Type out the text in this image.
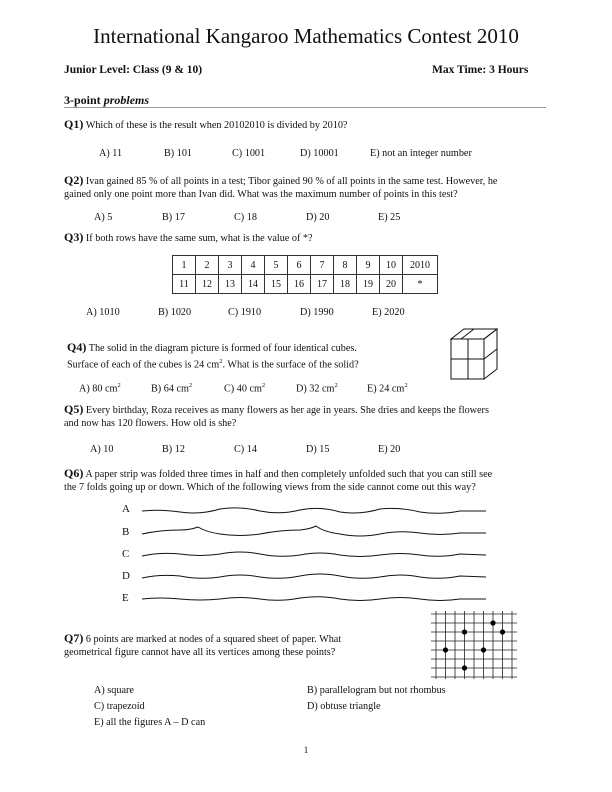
International Kangaroo Mathematics Contest 2010
Junior Level: Class (9 & 10)	Max Time: 3 Hours
3-point problems
Q1) Which of these is the result when 20102010 is divided by 2010?
A) 11	B) 101	C) 1001	D) 10001	E) not an integer number
Q2) Ivan gained 85 % of all points in a test; Tibor gained 90 % of all points in the same test. However, he
gained only one point more than Ivan did. What was the maximum number of points in this test?
A) 5	B) 17	C) 18	D) 20	E) 25
Q3) If both rows have the same sum, what is the value of *?
1	2	3	4	5	6	7	8	9	10	2010
11	12	13	14	15	16	17	18	19	20	*
A) 1010	B) 1020	C) 1910	D) 1990	E) 2020
Q4) The solid in the diagram picture is formed of four identical cubes.
Surface of each of the cubes is 24 $cm^2$. What is the surface of the solid?
A) 80 $cm^2$	B) 64 $cm^2$	C) 40 $cm^2$	D) 32 $cm^2$	E) 24 $cm^2$
Q5) Every birthday, Roza receives as many flowers as her age in years. She dries and keeps the flowers
and now has 120 flowers. How old is she?
A) 10	B) 12	C) 14	D) 15	E) 20
Q6) A paper strip was folded three times in half and then completely unfolded such that you can still see
the 7 folds going up or down. Which of the following views from the side cannot come out this way?
A
B
C
D
E
Q7) 6 points are marked at nodes of a squared sheet of paper. What
geometrical figure cannot have all its vertices among these points?
A) square	B) parallelogram but not rhombus
C) trapezoid	D) obtuse triangle
E) all the figures A – D can
1
